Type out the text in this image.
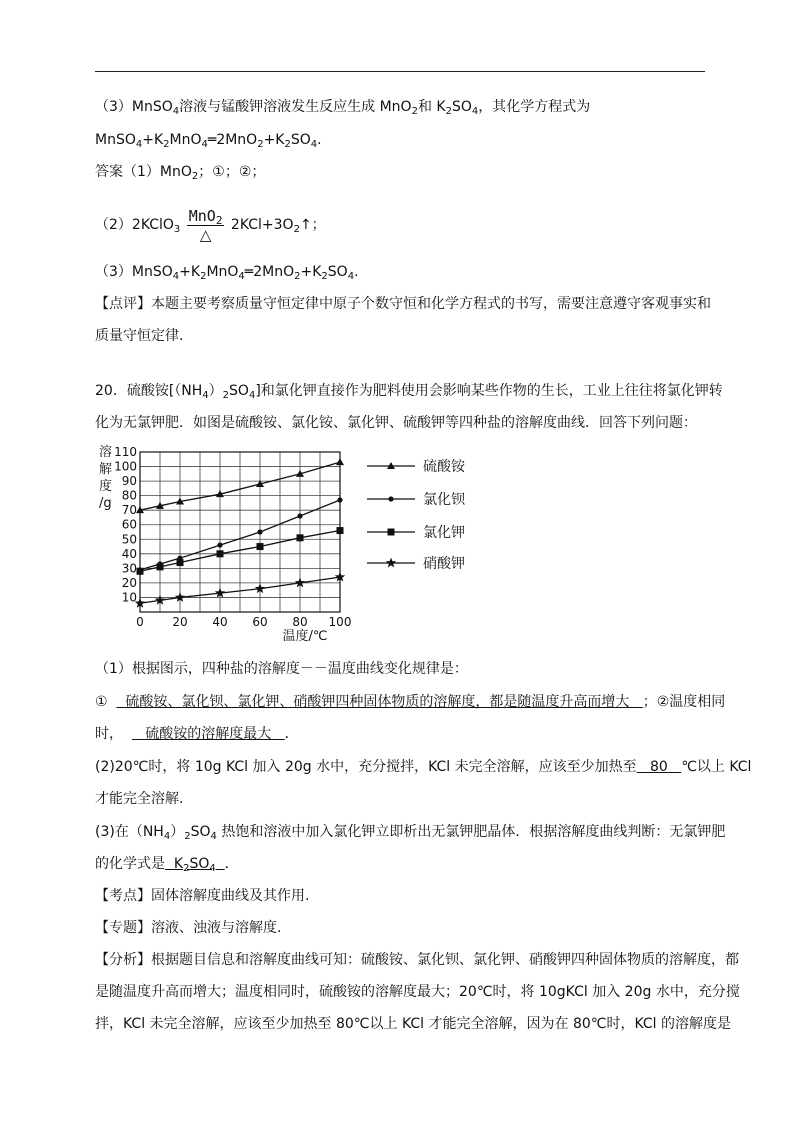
（3）MnSO$_4$溶液与锰酸钾溶液发生反应生成 MnO$_2$和 $K_2SO_4$，其化学方程式为
$MnSO_4+K_2MnO_4═2MnO_2+K_2SO_4$.
答案（1）MnO$_2$；①；②；
（2）2KClO$_3$ $\frac{MnO_2}{\triangle}$ $2KCl+3O_2↑$；
$(3)MnSO_4+K_2MnO_4═2MnO_2+K_2SO_4$.
【点评】本题主要考察质量守恒定律中原子个数守恒和化学方程式的书写，需要注意遵守客观事实和
质量守恒定律.
20．硫酸铵$[(NH_4)_2SO_4]$和氯化钾直接作为肥料使用会影响某些作物的生长，工业上往往将氯化钾转
化为无氯钾肥．如图是硫酸铵、氯化铵、氯化钾、硫酸钾等四种盐的溶解度曲线．回答下列问题：
10
20
30
40
50
60
70
80
90
100
110
0 20 40 60 80 100
溶
解
度
/g
温度/℃
硫酸铵
氯化钡
氯化钾
硝酸钾
（1）根据图示，四种盐的溶解度－－温度曲线变化规律是：
① 硫酸铵、氯化钡、氯化钾、硝酸钾四种固体物质的溶解度，都是随温度升高而增大 ；②温度相同
时， 硫酸铵的溶解度最大 ．
(2)20℃时，将 10g KCl 加入 20g 水中，充分搅拌，KCl 未完全溶解，应该至少加热至 80 ℃以上 KCl
才能完全溶解.
(3)在$(NH_4)_2SO_4$ 热饱和溶液中加入氯化钾立即析出无氯钾肥晶体．根据溶解度曲线判断：无氯钾肥
的化学式是 $K_2SO_4$ ．
【考点】固体溶解度曲线及其作用.
【专题】溶液、浊液与溶解度.
【分析】根据题目信息和溶解度曲线可知：硫酸铵、氯化钡、氯化钾、硝酸钾四种固体物质的溶解度，都
是随温度升高而增大；温度相同时，硫酸铵的溶解度最大；20℃时，将 10gKCl 加入 20g 水中，充分搅
拌，KCl 未完全溶解，应该至少加热至 80℃以上 KCl 才能完全溶解，因为在 80℃时，KCl 的溶解度是
